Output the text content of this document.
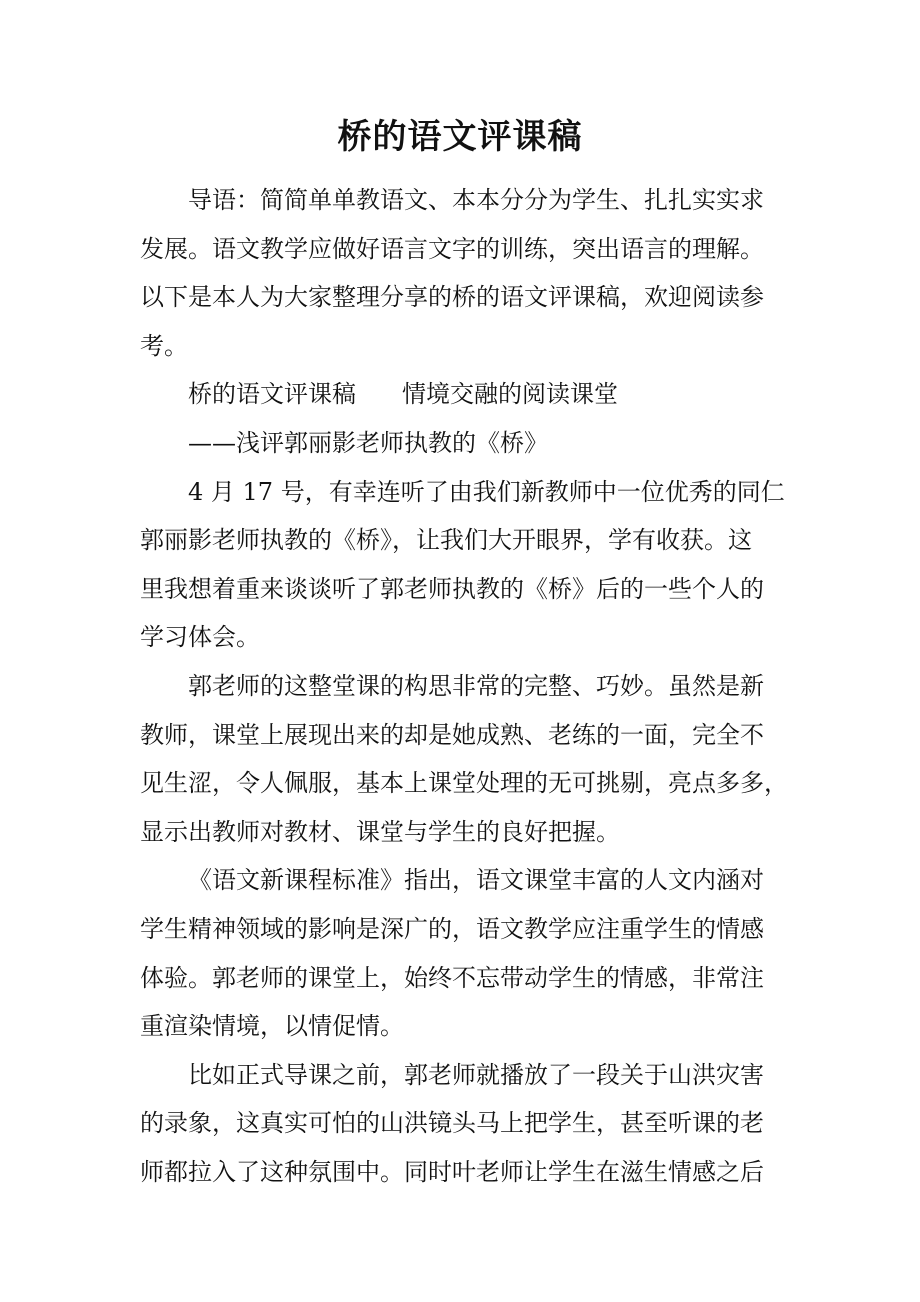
桥的语文评课稿
导语：简简单单教语文、本本分分为学生、扎扎实实求
发展。语文教学应做好语言文字的训练，突出语言的理解。
以下是本人为大家整理分享的桥的语文评课稿，欢迎阅读参
考。
桥的语文评课稿 情境交融的阅读课堂
——浅评郭丽影老师执教的《桥》
4 月 17 号，有幸连听了由我们新教师中一位优秀的同仁
郭丽影老师执教的《桥》，让我们大开眼界，学有收获。这
里我想着重来谈谈听了郭老师执教的《桥》后的一些个人的
学习体会。
郭老师的这整堂课的构思非常的完整、巧妙。虽然是新
教师，课堂上展现出来的却是她成熟、老练的一面，完全不
见生涩，令人佩服，基本上课堂处理的无可挑剔，亮点多多，
显示出教师对教材、课堂与学生的良好把握。
《语文新课程标准》指出，语文课堂丰富的人文内涵对
学生精神领域的影响是深广的，语文教学应注重学生的情感
体验。郭老师的课堂上，始终不忘带动学生的情感，非常注
重渲染情境，以情促情。
比如正式导课之前，郭老师就播放了一段关于山洪灾害
的录象，这真实可怕的山洪镜头马上把学生，甚至听课的老
师都拉入了这种氛围中。同时叶老师让学生在滋生情感之后
